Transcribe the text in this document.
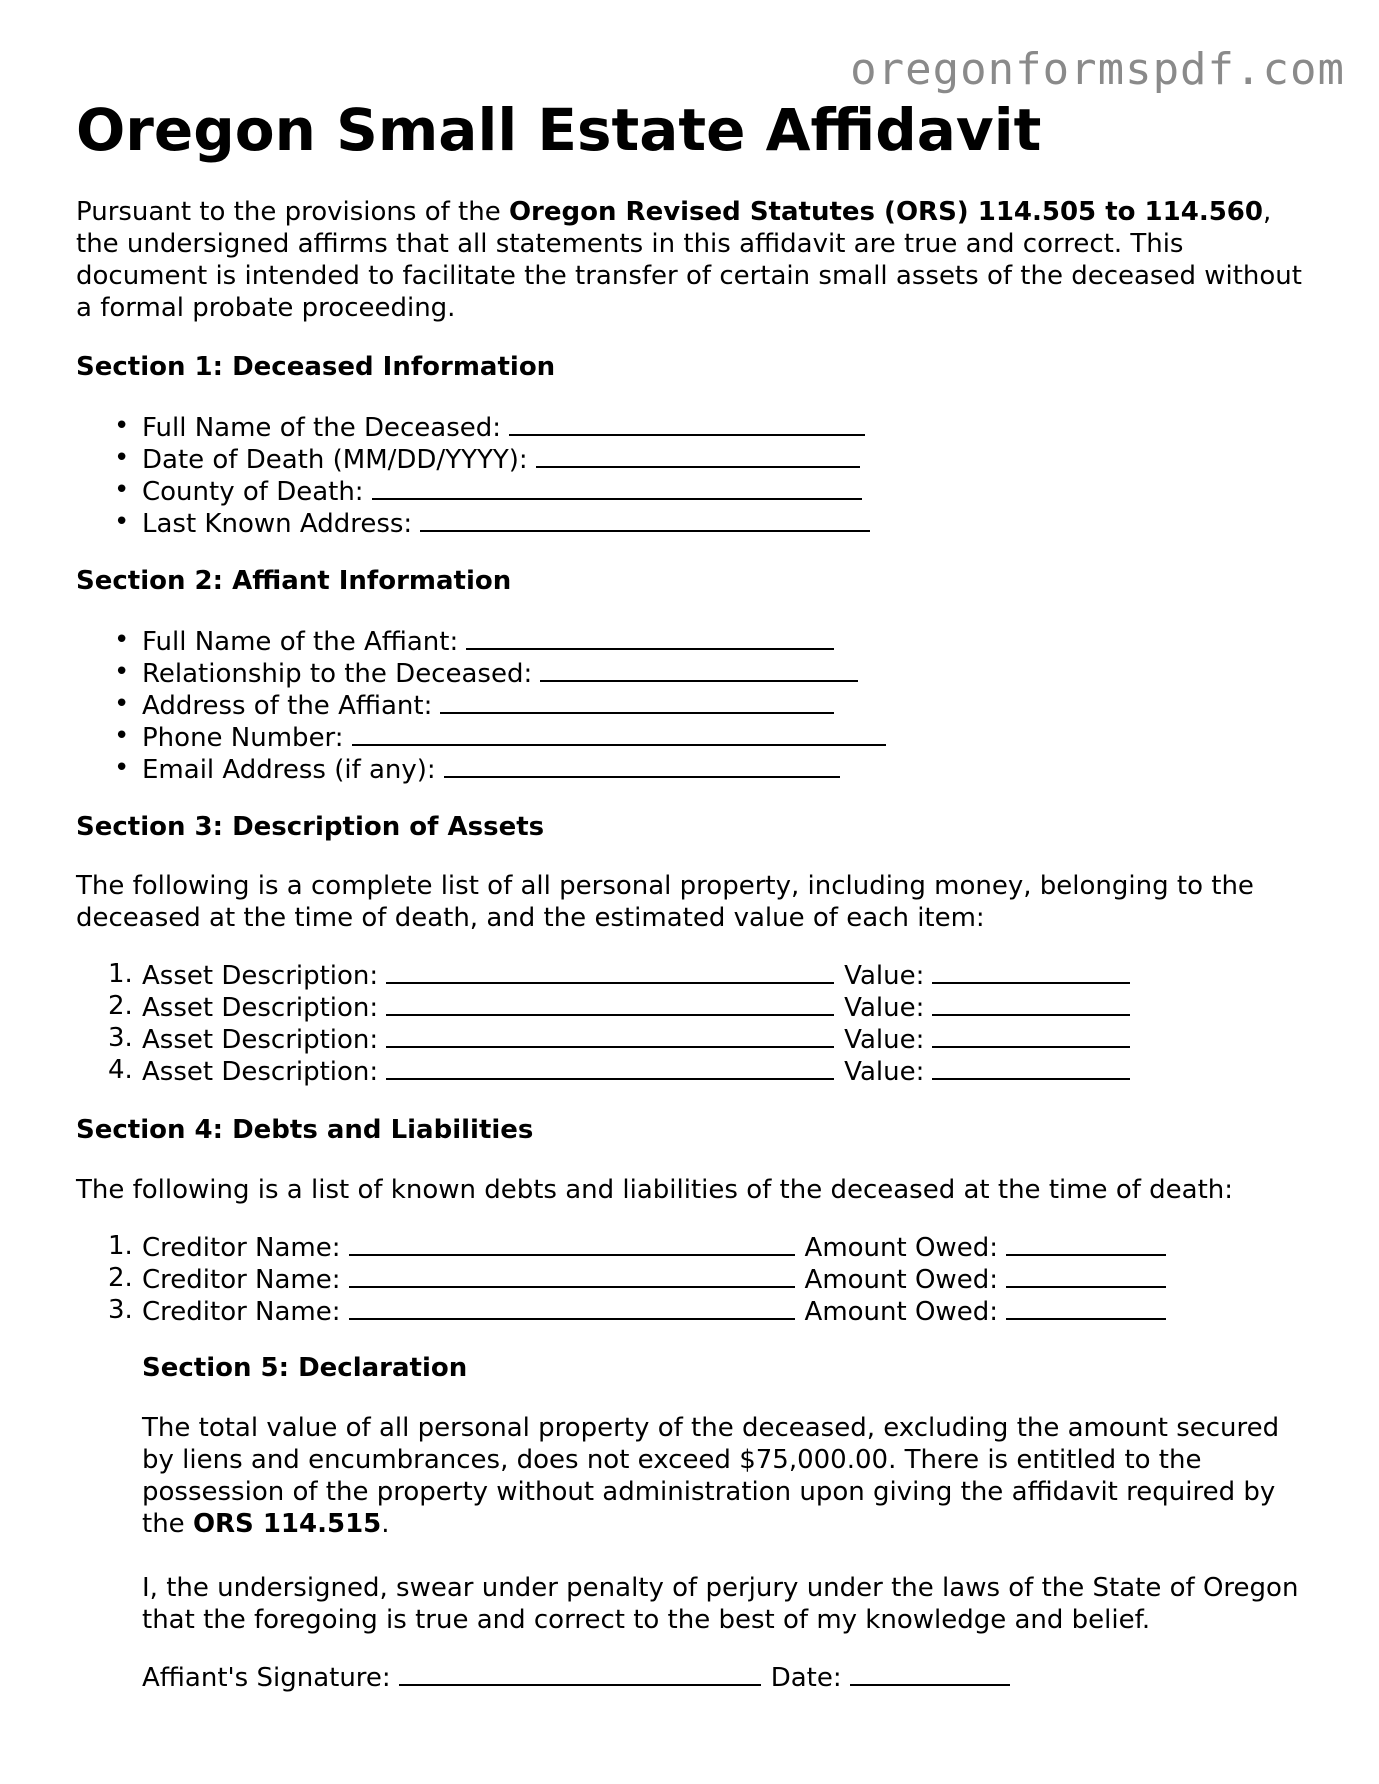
oregonformspdf.com
Oregon Small Estate Affidavit

Pursuant to the provisions of the Oregon Revised Statutes (ORS) 114.505 to 114.560, the undersigned affirms that all statements in this affidavit are true and correct. This document is intended to facilitate the transfer of certain small assets of the deceased without a formal probate proceeding.

Section 1: Deceased Information
• Full Name of the Deceased:
• Date of Death (MM/DD/YYYY):
• County of Death:
• Last Known Address:
Section 2: Affiant Information
• Full Name of the Affiant:
• Relationship to the Deceased:
• Address of the Affiant:
• Phone Number:
• Email Address (if any):
Section 3: Description of Assets

The following is a complete list of all personal property, including money, belonging to the deceased at the time of death, and the estimated value of each item:

1. Asset Description:	Value:
2. Asset Description:	Value:
3. Asset Description:	Value:
4. Asset Description:	Value:
Section 4: Debts and Liabilities

The following is a list of known debts and liabilities of the deceased at the time of death:

1. Creditor Name:	Amount Owed:
2. Creditor Name:	Amount Owed:
3. Creditor Name:	Amount Owed:
Section 5: Declaration

The total value of all personal property of the deceased, excluding the amount secured by liens and encumbrances, does not exceed $75,000.00. There is entitled to the possession of the property without administration upon giving the affidavit required by the ORS 114.515.

I, the undersigned, swear under penalty of perjury under the laws of the State of Oregon that the foregoing is true and correct to the best of my knowledge and belief.

Affiant's Signature:	Date:
